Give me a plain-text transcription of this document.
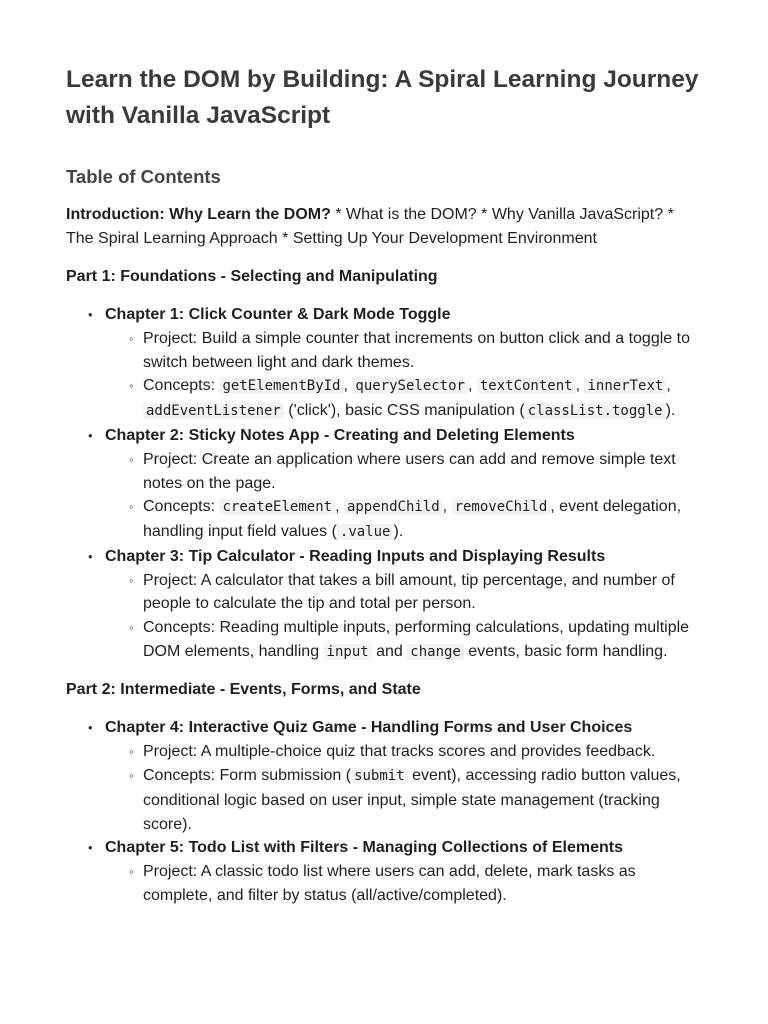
Learn the DOM by Building: A Spiral Learning Journey with Vanilla JavaScript
Table of Contents

Introduction: Why Learn the DOM? * What is the DOM? * Why Vanilla JavaScript? * The Spiral Learning Approach * Setting Up Your Development Environment

Part 1: Foundations - Selecting and Manipulating

• Chapter 1: Click Counter & Dark Mode Toggle
◦ Project: Build a simple counter that increments on button click and a toggle to switch between light and dark themes.
◦ Concepts: getElementById , querySelector , textContent , innerText , addEventListener ('click'), basic CSS manipulation ( classList.toggle ).
• Chapter 2: Sticky Notes App - Creating and Deleting Elements
◦ Project: Create an application where users can add and remove simple text notes on the page.
◦ Concepts: createElement , appendChild , removeChild , event delegation, handling input field values ( .value ).
• Chapter 3: Tip Calculator - Reading Inputs and Displaying Results
◦ Project: A calculator that takes a bill amount, tip percentage, and number of people to calculate the tip and total per person.
◦ Concepts: Reading multiple inputs, performing calculations, updating multiple DOM elements, handling input and change events, basic form handling.

Part 2: Intermediate - Events, Forms, and State

• Chapter 4: Interactive Quiz Game - Handling Forms and User Choices
◦ Project: A multiple-choice quiz that tracks scores and provides feedback.
◦ Concepts: Form submission ( submit event), accessing radio button values, conditional logic based on user input, simple state management (tracking score).
• Chapter 5: Todo List with Filters - Managing Collections of Elements
◦ Project: A classic todo list where users can add, delete, mark tasks as complete, and filter by status (all/active/completed).
